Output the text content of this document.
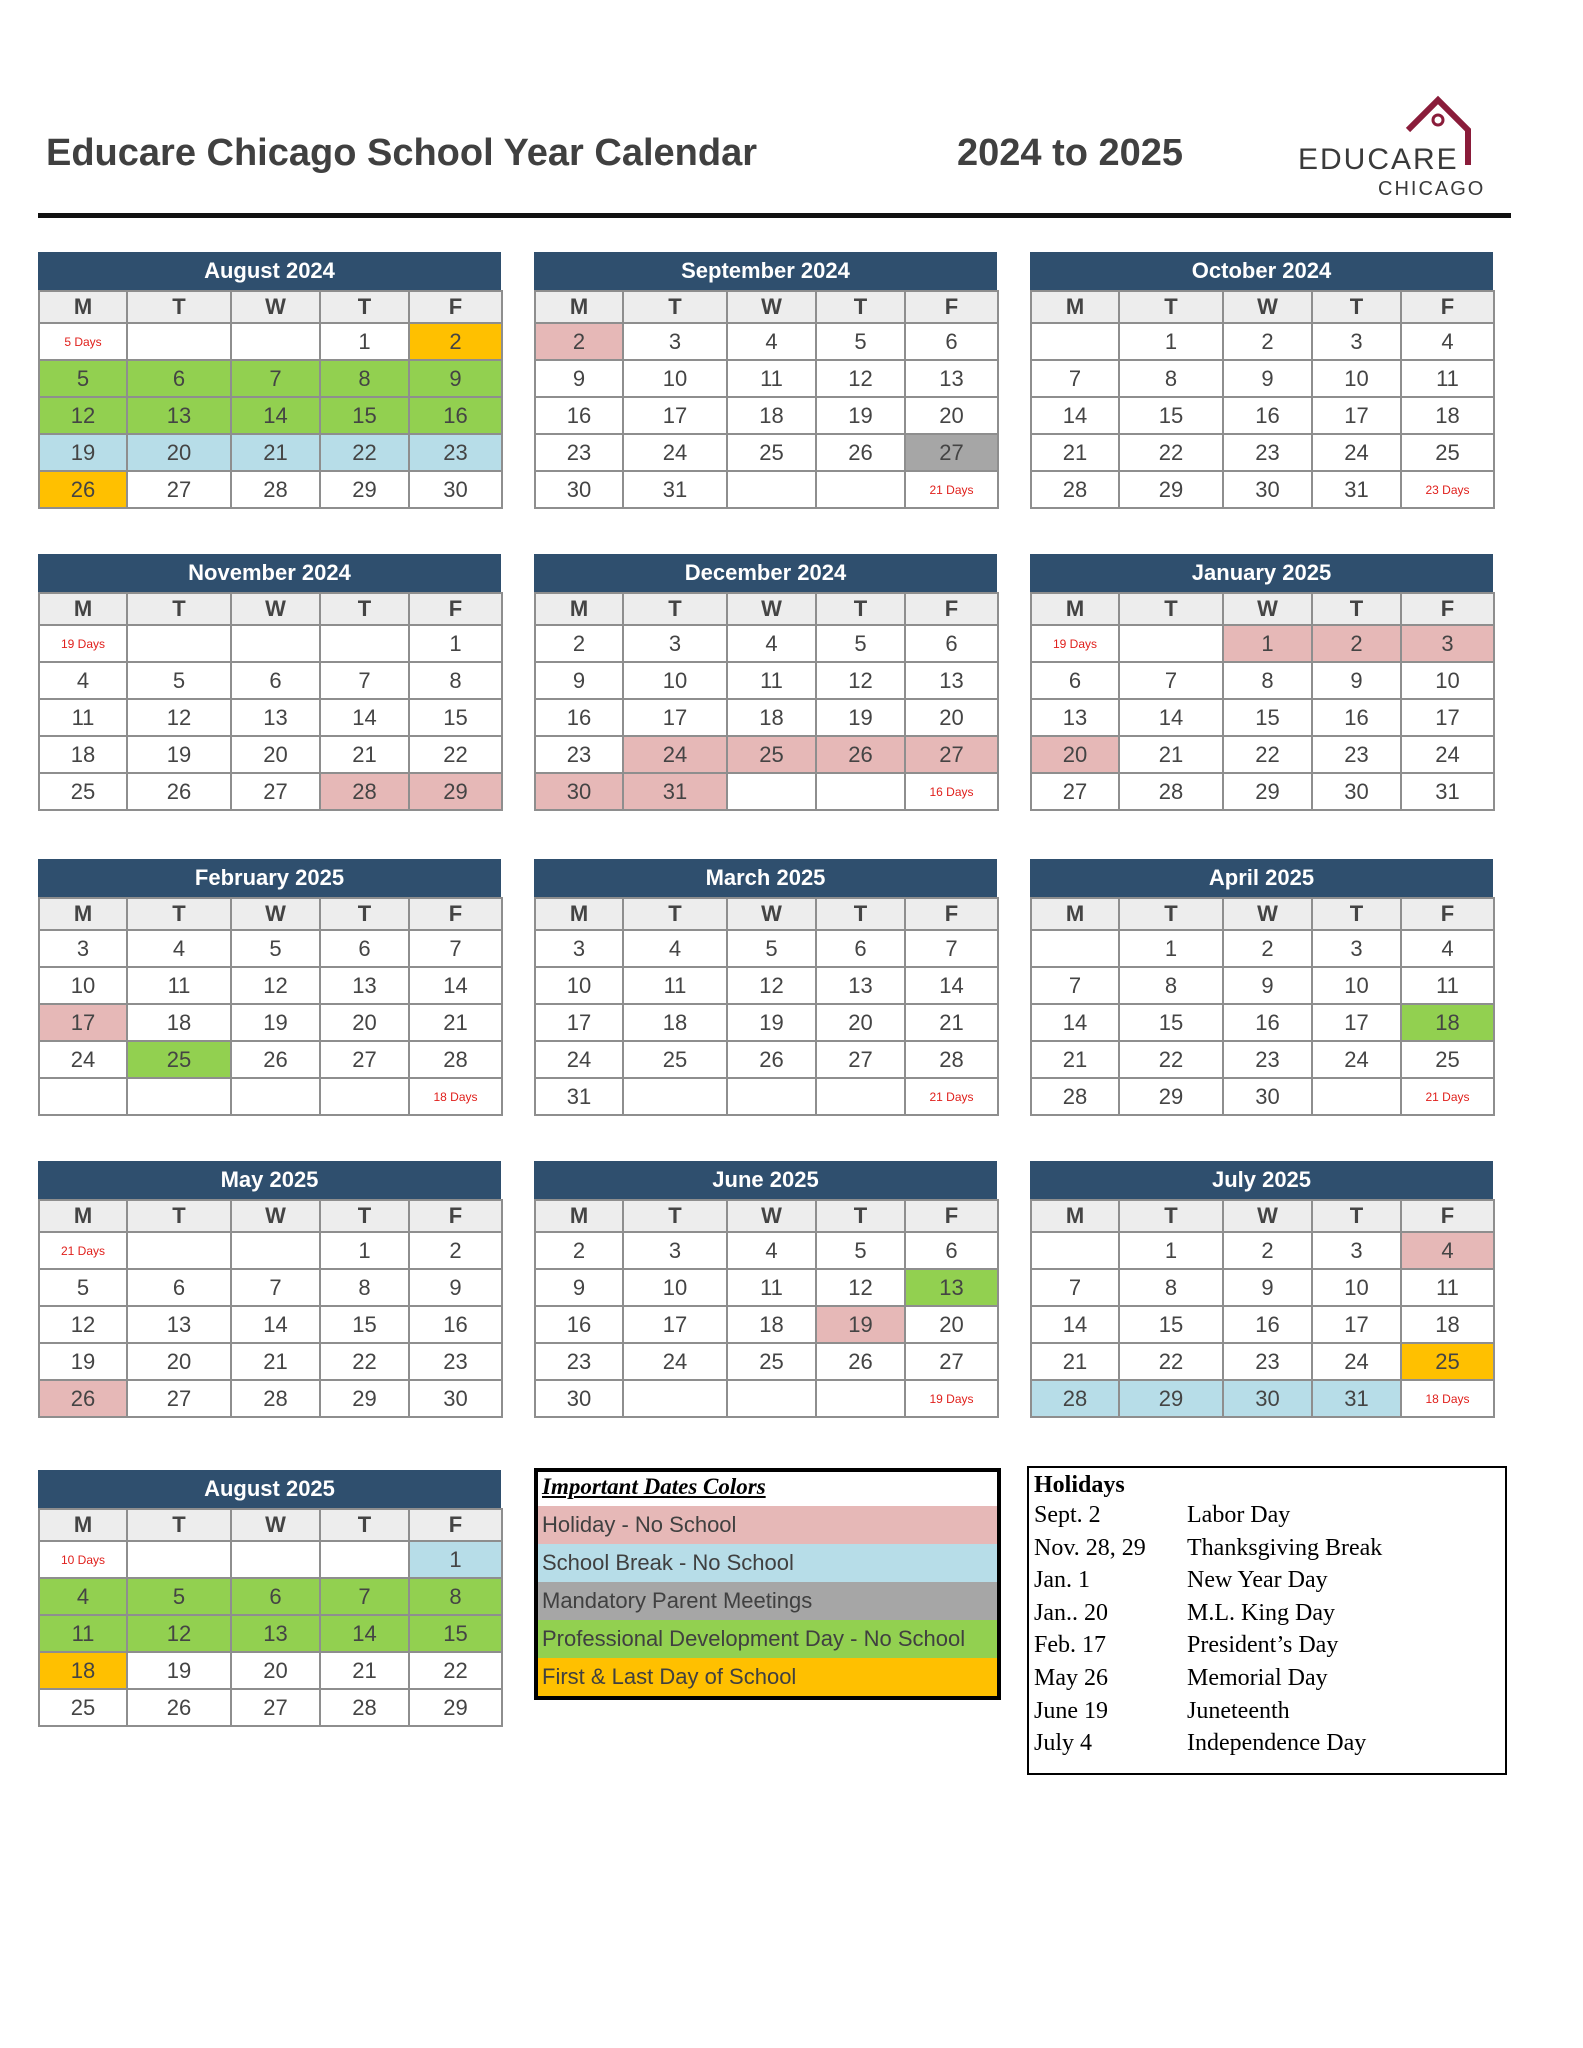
Educare Chicago School Year Calendar	2024 to 2025	EDUCARE
CHICAGO
August 2024
M	T	W	T	F
5 Days			1	2
5	6	7	8	9
12	13	14	15	16
19	20	21	22	23
26	27	28	29	30
September 2024
M	T	W	T	F
2	3	4	5	6
9	10	11	12	13
16	17	18	19	20
23	24	25	26	27
30	31			21 Days
October 2024
M	T	W	T	F
	1	2	3	4
7	8	9	10	11
14	15	16	17	18
21	22	23	24	25
28	29	30	31	23 Days
November 2024
M	T	W	T	F
19 Days				1
4	5	6	7	8
11	12	13	14	15
18	19	20	21	22
25	26	27	28	29
December 2024
M	T	W	T	F
2	3	4	5	6
9	10	11	12	13
16	17	18	19	20
23	24	25	26	27
30	31			16 Days
January 2025
M	T	W	T	F
19 Days		1	2	3
6	7	8	9	10
13	14	15	16	17
20	21	22	23	24
27	28	29	30	31
February 2025
M	T	W	T	F
3	4	5	6	7
10	11	12	13	14
17	18	19	20	21
24	25	26	27	28
				18 Days
March 2025
M	T	W	T	F
3	4	5	6	7
10	11	12	13	14
17	18	19	20	21
24	25	26	27	28
31				21 Days
April 2025
M	T	W	T	F
	1	2	3	4
7	8	9	10	11
14	15	16	17	18
21	22	23	24	25
28	29	30		21 Days
May 2025
M	T	W	T	F
21 Days			1	2
5	6	7	8	9
12	13	14	15	16
19	20	21	22	23
26	27	28	29	30
June 2025
M	T	W	T	F
2	3	4	5	6
9	10	11	12	13
16	17	18	19	20
23	24	25	26	27
30				19 Days
July 2025
M	T	W	T	F
	1	2	3	4
7	8	9	10	11
14	15	16	17	18
21	22	23	24	25
28	29	30	31	18 Days
August 2025
M	T	W	T	F
10 Days				1
4	5	6	7	8
11	12	13	14	15
18	19	20	21	22
25	26	27	28	29
Important Dates Colors
Holiday - No School
School Break - No School
Mandatory Parent Meetings
Professional Development Day - No School
First & Last Day of School
Holidays
Sept. 2	Labor Day
Nov. 28, 29 Thanksgiving Break
Jan. 1	New Year Day
Jan.. 20	M.L. King Day
Feb. 17	President’s Day
May 26	Memorial Day
June 19	Juneteenth
July 4	Independence Day
